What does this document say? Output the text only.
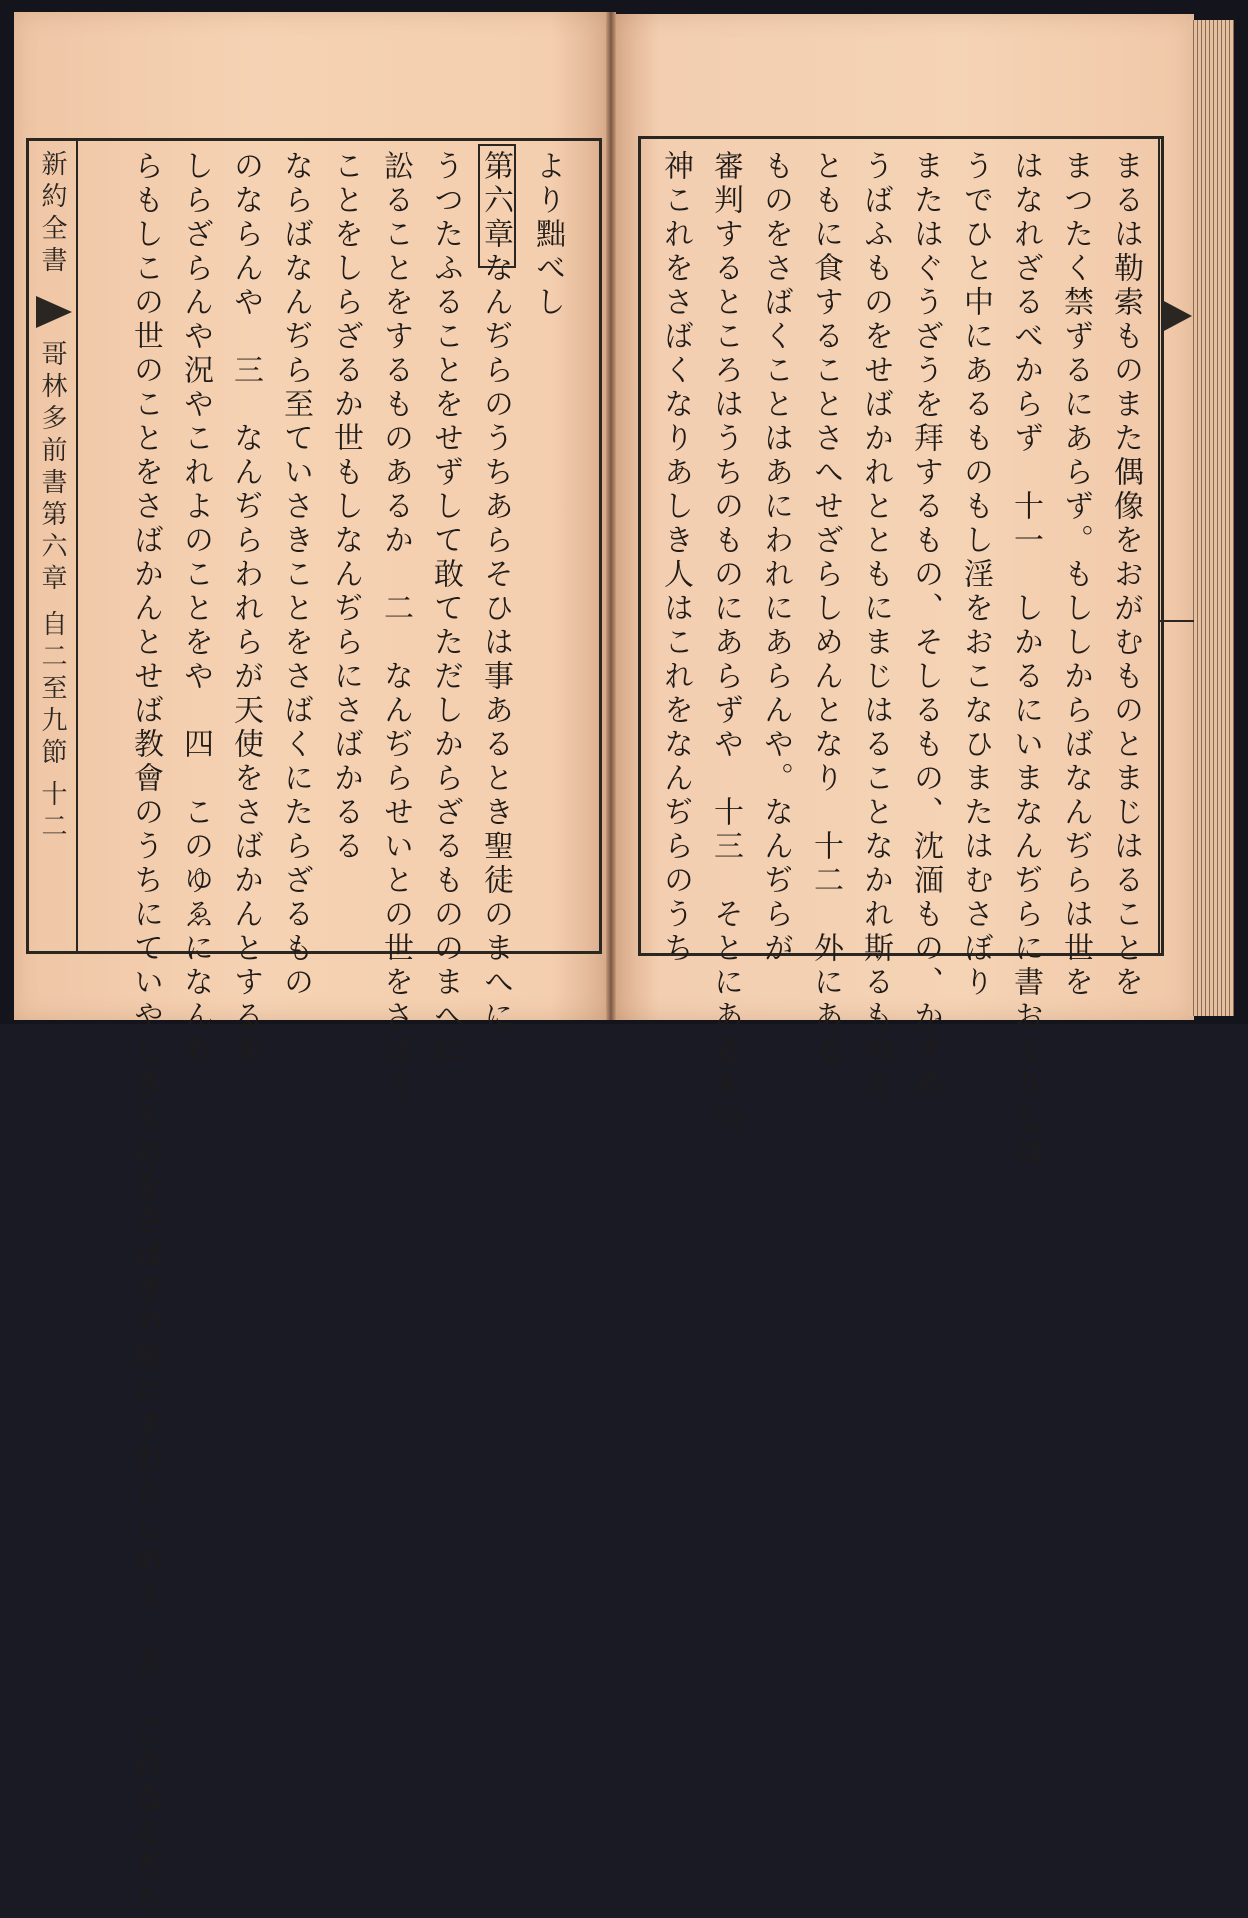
新約全書
哥林多前書第六章
自二至九節
十二
より黜べし
第六章なんぢらのうちあらそひは事あるとき聖徒のまへに
うつたふることをせずして敢てただしからざるもののまへに
訟ることをするものあるか　二　なんぢらせいとの世をさばく
ことをしらざるか世もしなんぢらにさばかるる
ならばなんぢら至ていさきことをさばくにたらざるもの
のならんや　三　なんぢらわれらが天使をさばかんとするを
しらざらんや況やこれよのことをや　四　このゆゑになんぢ
らもしこの世のことをさばかんとせば教會のうちにていやしきものをさばきの座にすわらしめよ　五　これなんぢら	まるは勒索ものまた偶像をおがむものとまじはることを
まつたく禁ずるにあらず。もししからばなんぢらは世を
はなれざるべからず　十一　しかるにいまなんぢらに書おくりしは
うでひと中にあるものもし淫をおこなひまたはむさぼり
またはぐうざうを拜するもの、そしるもの、沈湎もの、かすめ
うばふものをせばかれとともにまじはることなかれ斯るものと
ともに食することさへせざらしめんとなり　十二　外にある
ものをさばくことはあにわれにあらんや。なんぢらが
審判するところはうちのものにあらずや　十三　そとにあるもの
神これをさばくなりあしき人はこれをなんぢらのうち
